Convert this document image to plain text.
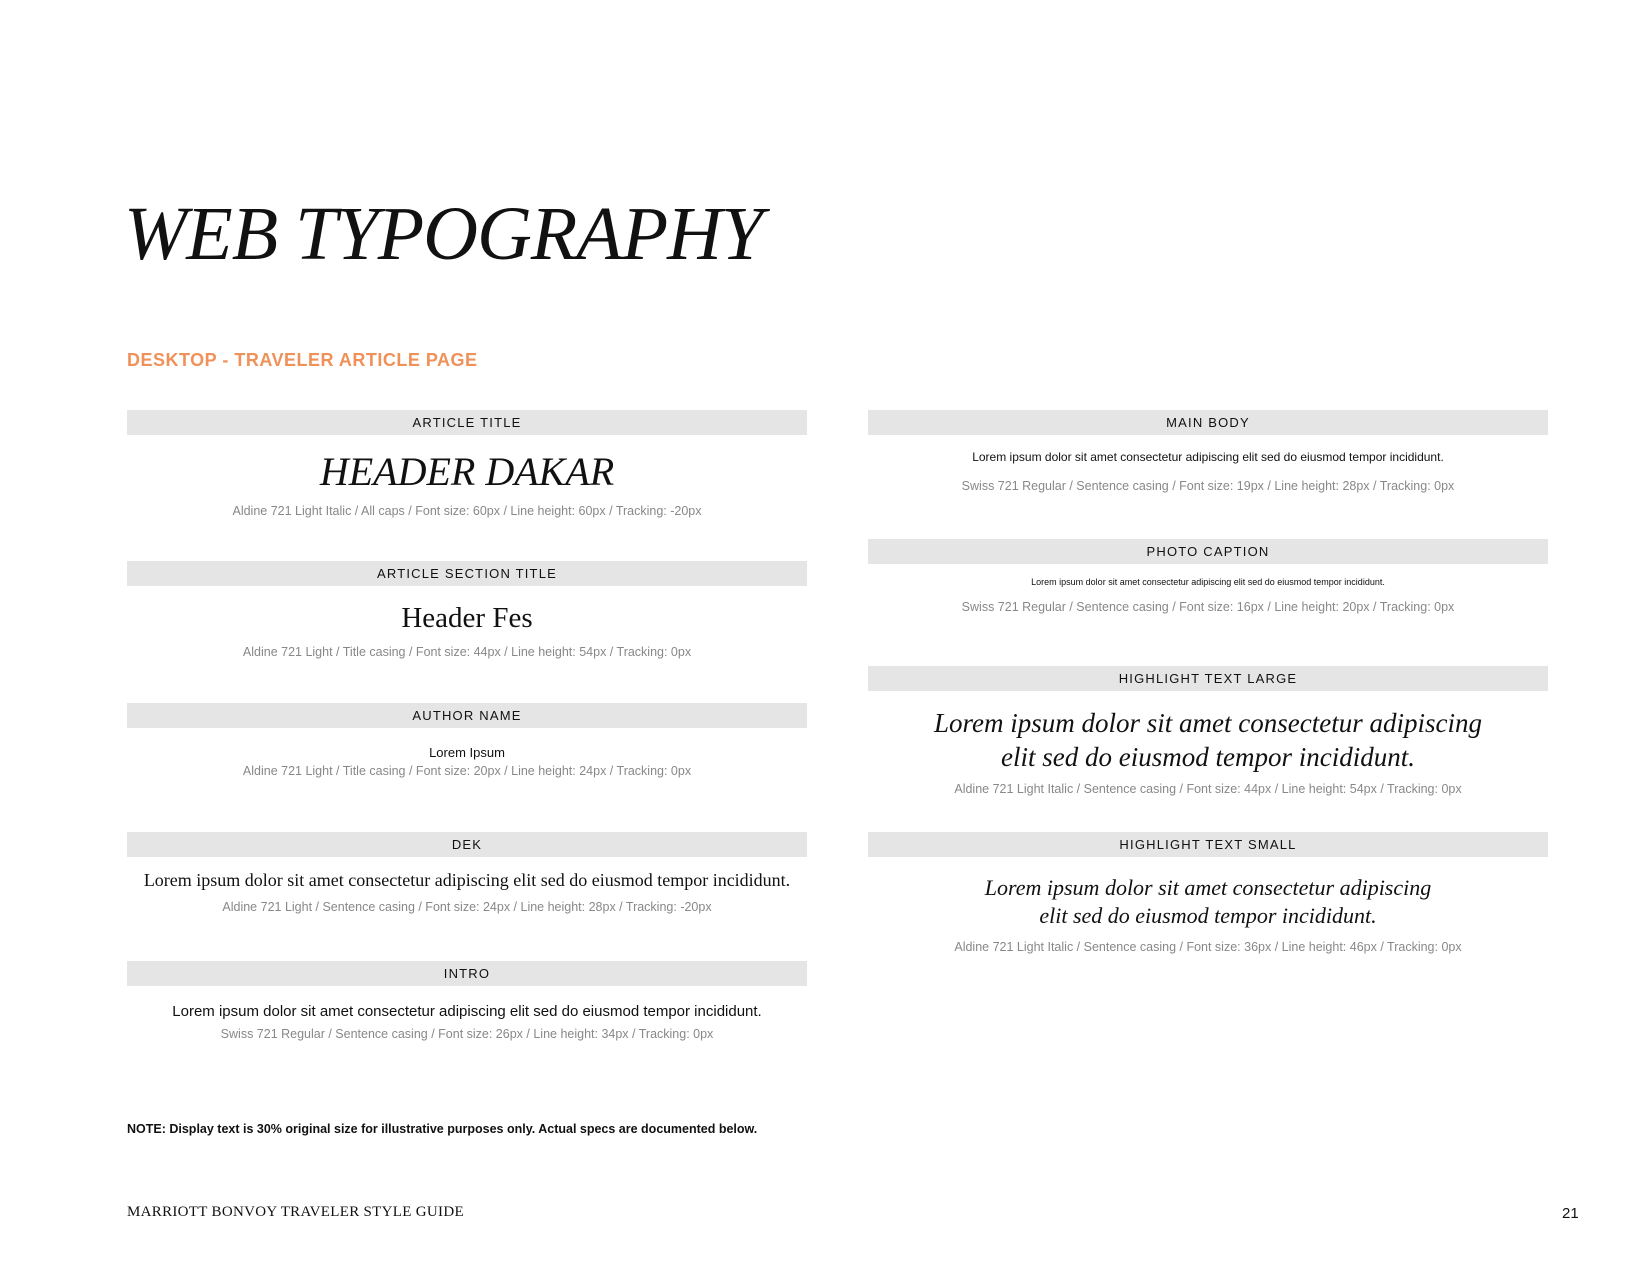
WEB TYPOGRAPHY
DESKTOP - TRAVELER ARTICLE PAGE
ARTICLE TITLE
HEADER DAKAR
Aldine 721 Light Italic / All caps / Font size: 60px / Line height: 60px / Tracking: -20px
ARTICLE SECTION TITLE
Header Fes
Aldine 721 Light / Title casing / Font size: 44px / Line height: 54px / Tracking: 0px
AUTHOR NAME
Lorem Ipsum
Aldine 721 Light / Title casing / Font size: 20px / Line height: 24px / Tracking: 0px
DEK
Lorem ipsum dolor sit amet consectetur adipiscing elit sed do eiusmod tempor incididunt.
Aldine 721 Light / Sentence casing / Font size: 24px / Line height: 28px / Tracking: -20px
INTRO
Lorem ipsum dolor sit amet consectetur adipiscing elit sed do eiusmod tempor incididunt.
Swiss 721 Regular / Sentence casing / Font size: 26px / Line height: 34px / Tracking: 0px
MAIN BODY
Lorem ipsum dolor sit amet consectetur adipiscing elit sed do eiusmod tempor incididunt.
Swiss 721 Regular / Sentence casing / Font size: 19px / Line height: 28px / Tracking: 0px
PHOTO CAPTION
Lorem ipsum dolor sit amet consectetur adipiscing elit sed do eiusmod tempor incididunt.
Swiss 721 Regular / Sentence casing / Font size: 16px / Line height: 20px / Tracking: 0px
HIGHLIGHT TEXT LARGE
Lorem ipsum dolor sit amet consectetur adipiscing
elit sed do eiusmod tempor incididunt.
Aldine 721 Light Italic / Sentence casing / Font size: 44px / Line height: 54px / Tracking: 0px
HIGHLIGHT TEXT SMALL
Lorem ipsum dolor sit amet consectetur adipiscing
elit sed do eiusmod tempor incididunt.
Aldine 721 Light Italic / Sentence casing / Font size: 36px / Line height: 46px / Tracking: 0px

NOTE: Display text is 30% original size for illustrative purposes only. Actual specs are documented below.

MARRIOTT BONVOY TRAVELER STYLE GUIDE	21
